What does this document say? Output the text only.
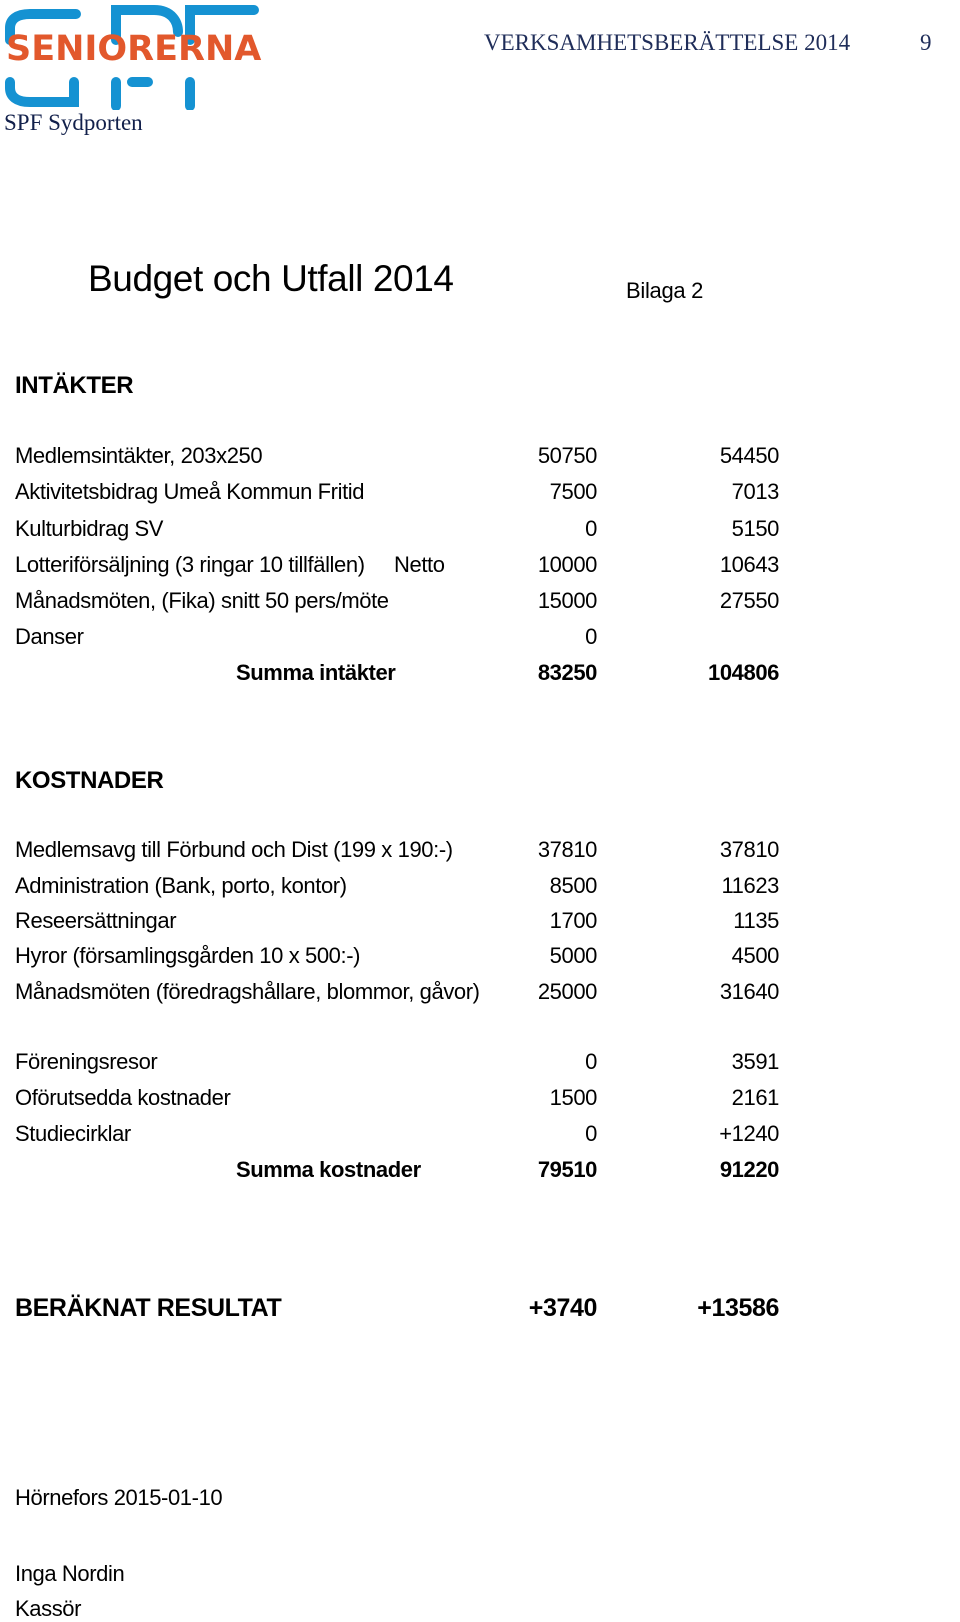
SENIORERNA
SPF Sydporten
VERKSAMHETSBERÄTTELSE 2014	9
Budget och Utfall 2014	Bilaga 2
INTÄKTER
Medlemsintäkter, 203x250	50750	54450
Aktivitetsbidrag Umeå Kommun Fritid	7500	7013
Kulturbidrag SV	0	5150
Lotteriförsäljning (3 ringar 10 tillfällen) Netto	10000	10643
Månadsmöten, (Fika) snitt 50 pers/möte	15000	27550
Danser	0
Summa intäkter	83250	104806
KOSTNADER
Medlemsavg till Förbund och Dist (199 x 190:-)	37810	37810
Administration (Bank, porto, kontor)	8500	11623
Reseersättningar	1700	1135
Hyror (församlingsgården 10 x 500:-)	5000	4500
Månadsmöten (föredragshållare, blommor, gåvor)	25000	31640
Föreningsresor	0	3591
Oförutsedda kostnader	1500	2161
Studiecirklar	0	+1240
Summa kostnader	79510	91220
BERÄKNAT RESULTAT	+3740	+13586
Hörnefors 2015-01-10
Inga Nordin
Kassör
